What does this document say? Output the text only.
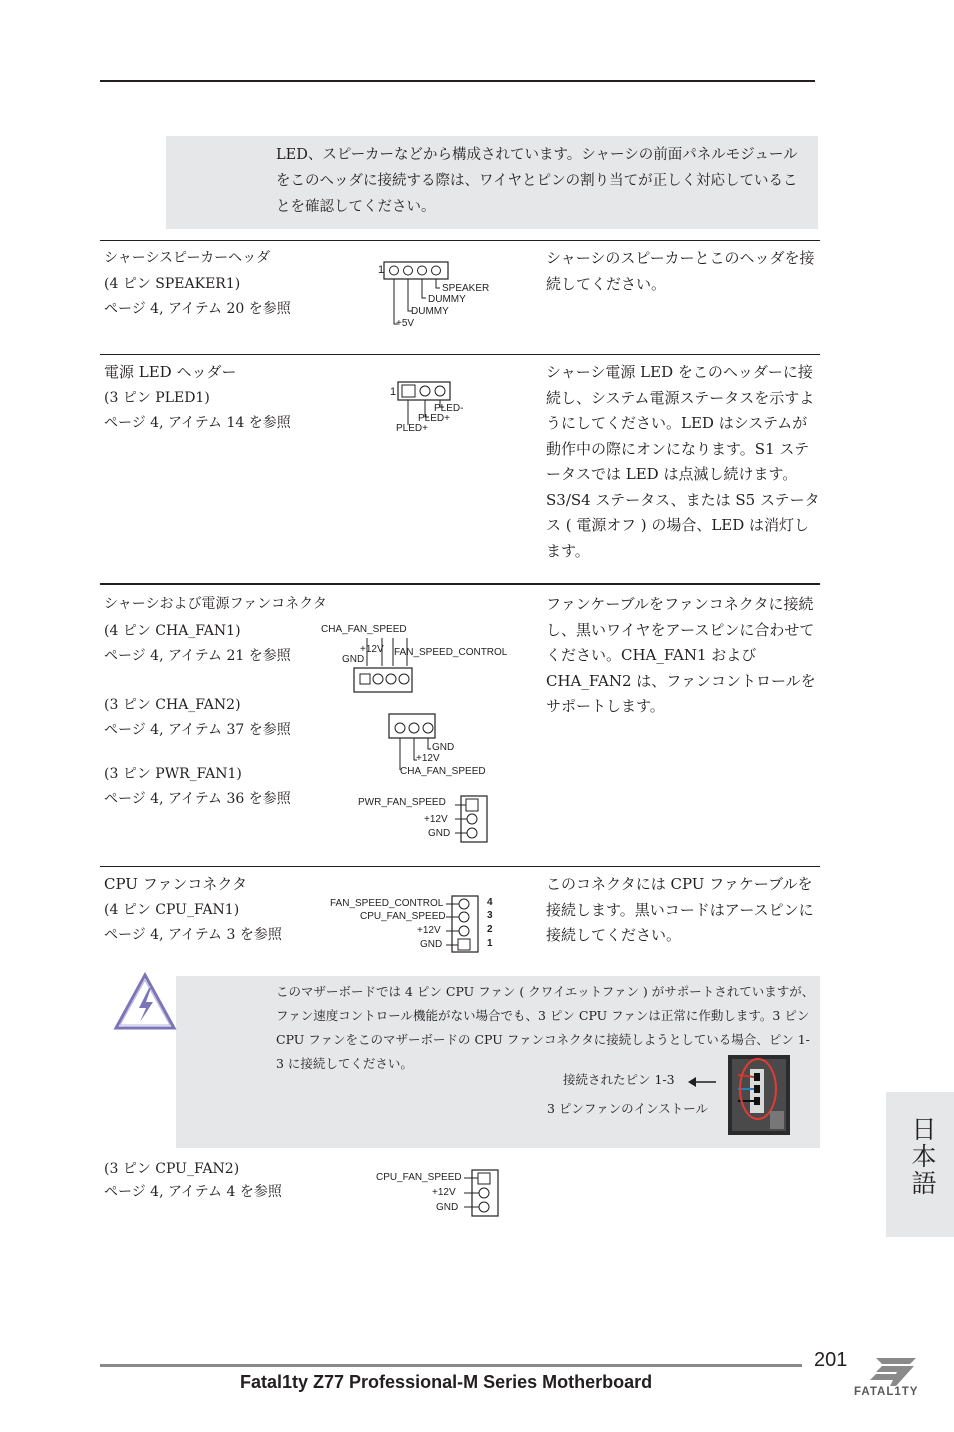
LED、スピーカーなどから構成されています。シャーシの前面パネルモジュールをこのヘッダに接続する際は、ワイヤとピンの割り当てが正しく対応していることを確認してください。
シャーシスピーカーヘッダ
(4 ピン SPEAKER1)
ページ 4, アイテム 20 を参照
シャーシのスピーカーとこのヘッダを接続してください。
1
SPEAKER
DUMMY
DUMMY
+5V
電源 LED ヘッダー
(3 ピン PLED1)
ページ 4, アイテム 14 を参照
シャーシ電源 LED をこのヘッダーに接続し、システム電源ステータスを示すようにしてください。LED はシステムが動作中の際にオンになります。S1 ステータスでは LED は点滅し続けます。S3/S4 ステータス、または S5 ステータス ( 電源オフ ) の場合、LED は消灯します。
1
PLED-
PLED+
PLED+
シャーシおよび電源ファンコネクタ
(4 ピン CHA_FAN1)
ページ 4, アイテム 21 を参照
(3 ピン CHA_FAN2)
ページ 4, アイテム 37 を参照
(3 ピン PWR_FAN1)
ページ 4, アイテム 36 を参照
ファンケーブルをファンコネクタに接続し、黒いワイヤをアースピンに合わせてください。CHA_FAN1 および CHA_FAN2 は、ファンコントロールをサポートします。
CHA_FAN_SPEED
+12V
GND
FAN_SPEED_CONTROL
GND
+12V
CHA_FAN_SPEED
PWR_FAN_SPEED
+12V
GND
CPU ファンコネクタ
(4 ピン CPU_FAN1)
ページ 4, アイテム 3 を参照
このコネクタには CPU ファケーブルを接続します。黒いコードはアースピンに接続してください。
FAN_SPEED_CONTROL
CPU_FAN_SPEED
+12V
GND
4
3
2
1
このマザーボードでは 4 ピン CPU ファン ( クワイエットファン ) がサポートされていますが、ファン速度コントロール機能がない場合でも、3 ピン CPU ファンは正常に作動します。3 ピン CPU ファンをこのマザーボードの CPU ファンコネクタに接続しようとしている場合、ピン 1-3 に接続してください。
接続されたピン 1-3
3 ピンファンのインストール
(3 ピン CPU_FAN2)
ページ 4, アイテム 4 を参照
CPU_FAN_SPEED
+12V
GND
日本語
201
Fatal1ty Z77 Professional-M Series Motherboard	FATAL1TY
